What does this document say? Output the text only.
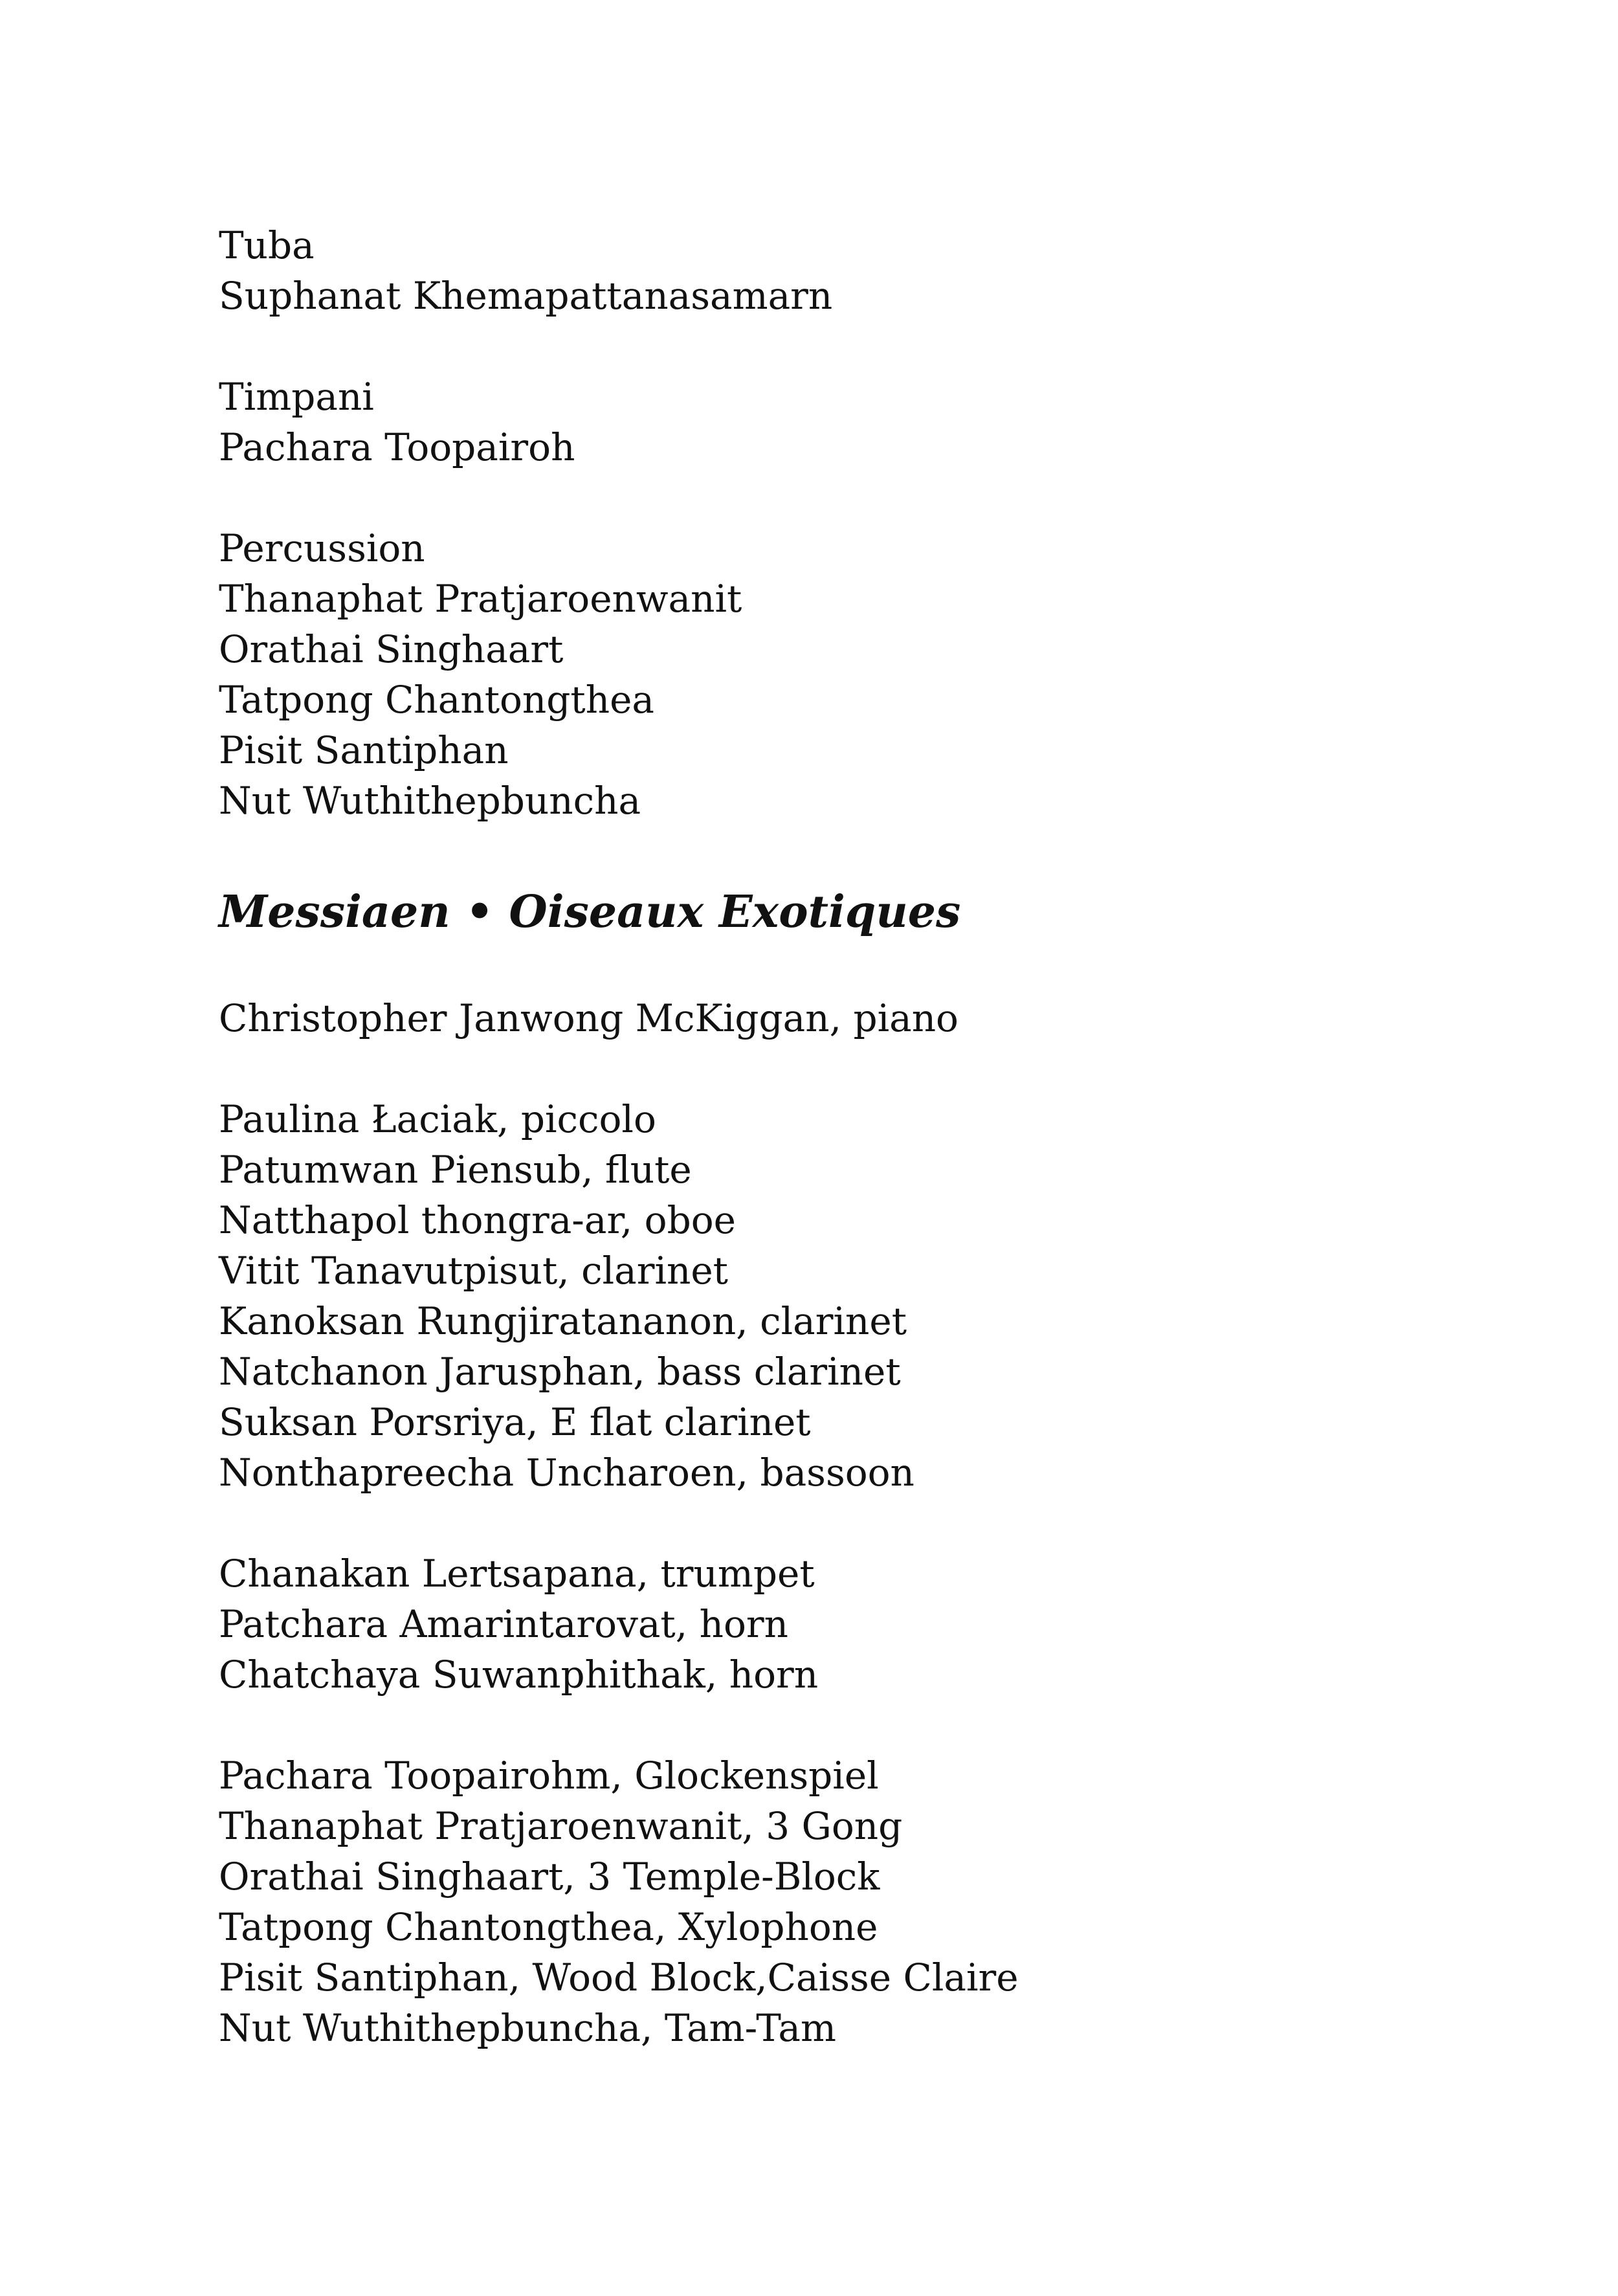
Tuba
Suphanat Khemapattanasamarn
Timpani
Pachara Toopairoh
Percussion
Thanaphat Pratjaroenwanit
Orathai Singhaart
Tatpong Chantongthea
Pisit Santiphan
Nut Wuthithepbuncha
Messiaen • Oiseaux Exotiques
Christopher Janwong McKiggan, piano
Paulina Łaciak, piccolo
Patumwan Piensub, flute
Natthapol thongra-ar, oboe
Vitit Tanavutpisut, clarinet
Kanoksan Rungjiratananon, clarinet
Natchanon Jarusphan, bass clarinet
Suksan Porsriya, E flat clarinet
Nonthapreecha Uncharoen, bassoon
Chanakan Lertsapana, trumpet
Patchara Amarintarovat, horn
Chatchaya Suwanphithak, horn
Pachara Toopairohm, Glockenspiel
Thanaphat Pratjaroenwanit, 3 Gong
Orathai Singhaart, 3 Temple-Block
Tatpong Chantongthea, Xylophone
Pisit Santiphan, Wood Block,Caisse Claire
Nut Wuthithepbuncha, Tam-Tam
